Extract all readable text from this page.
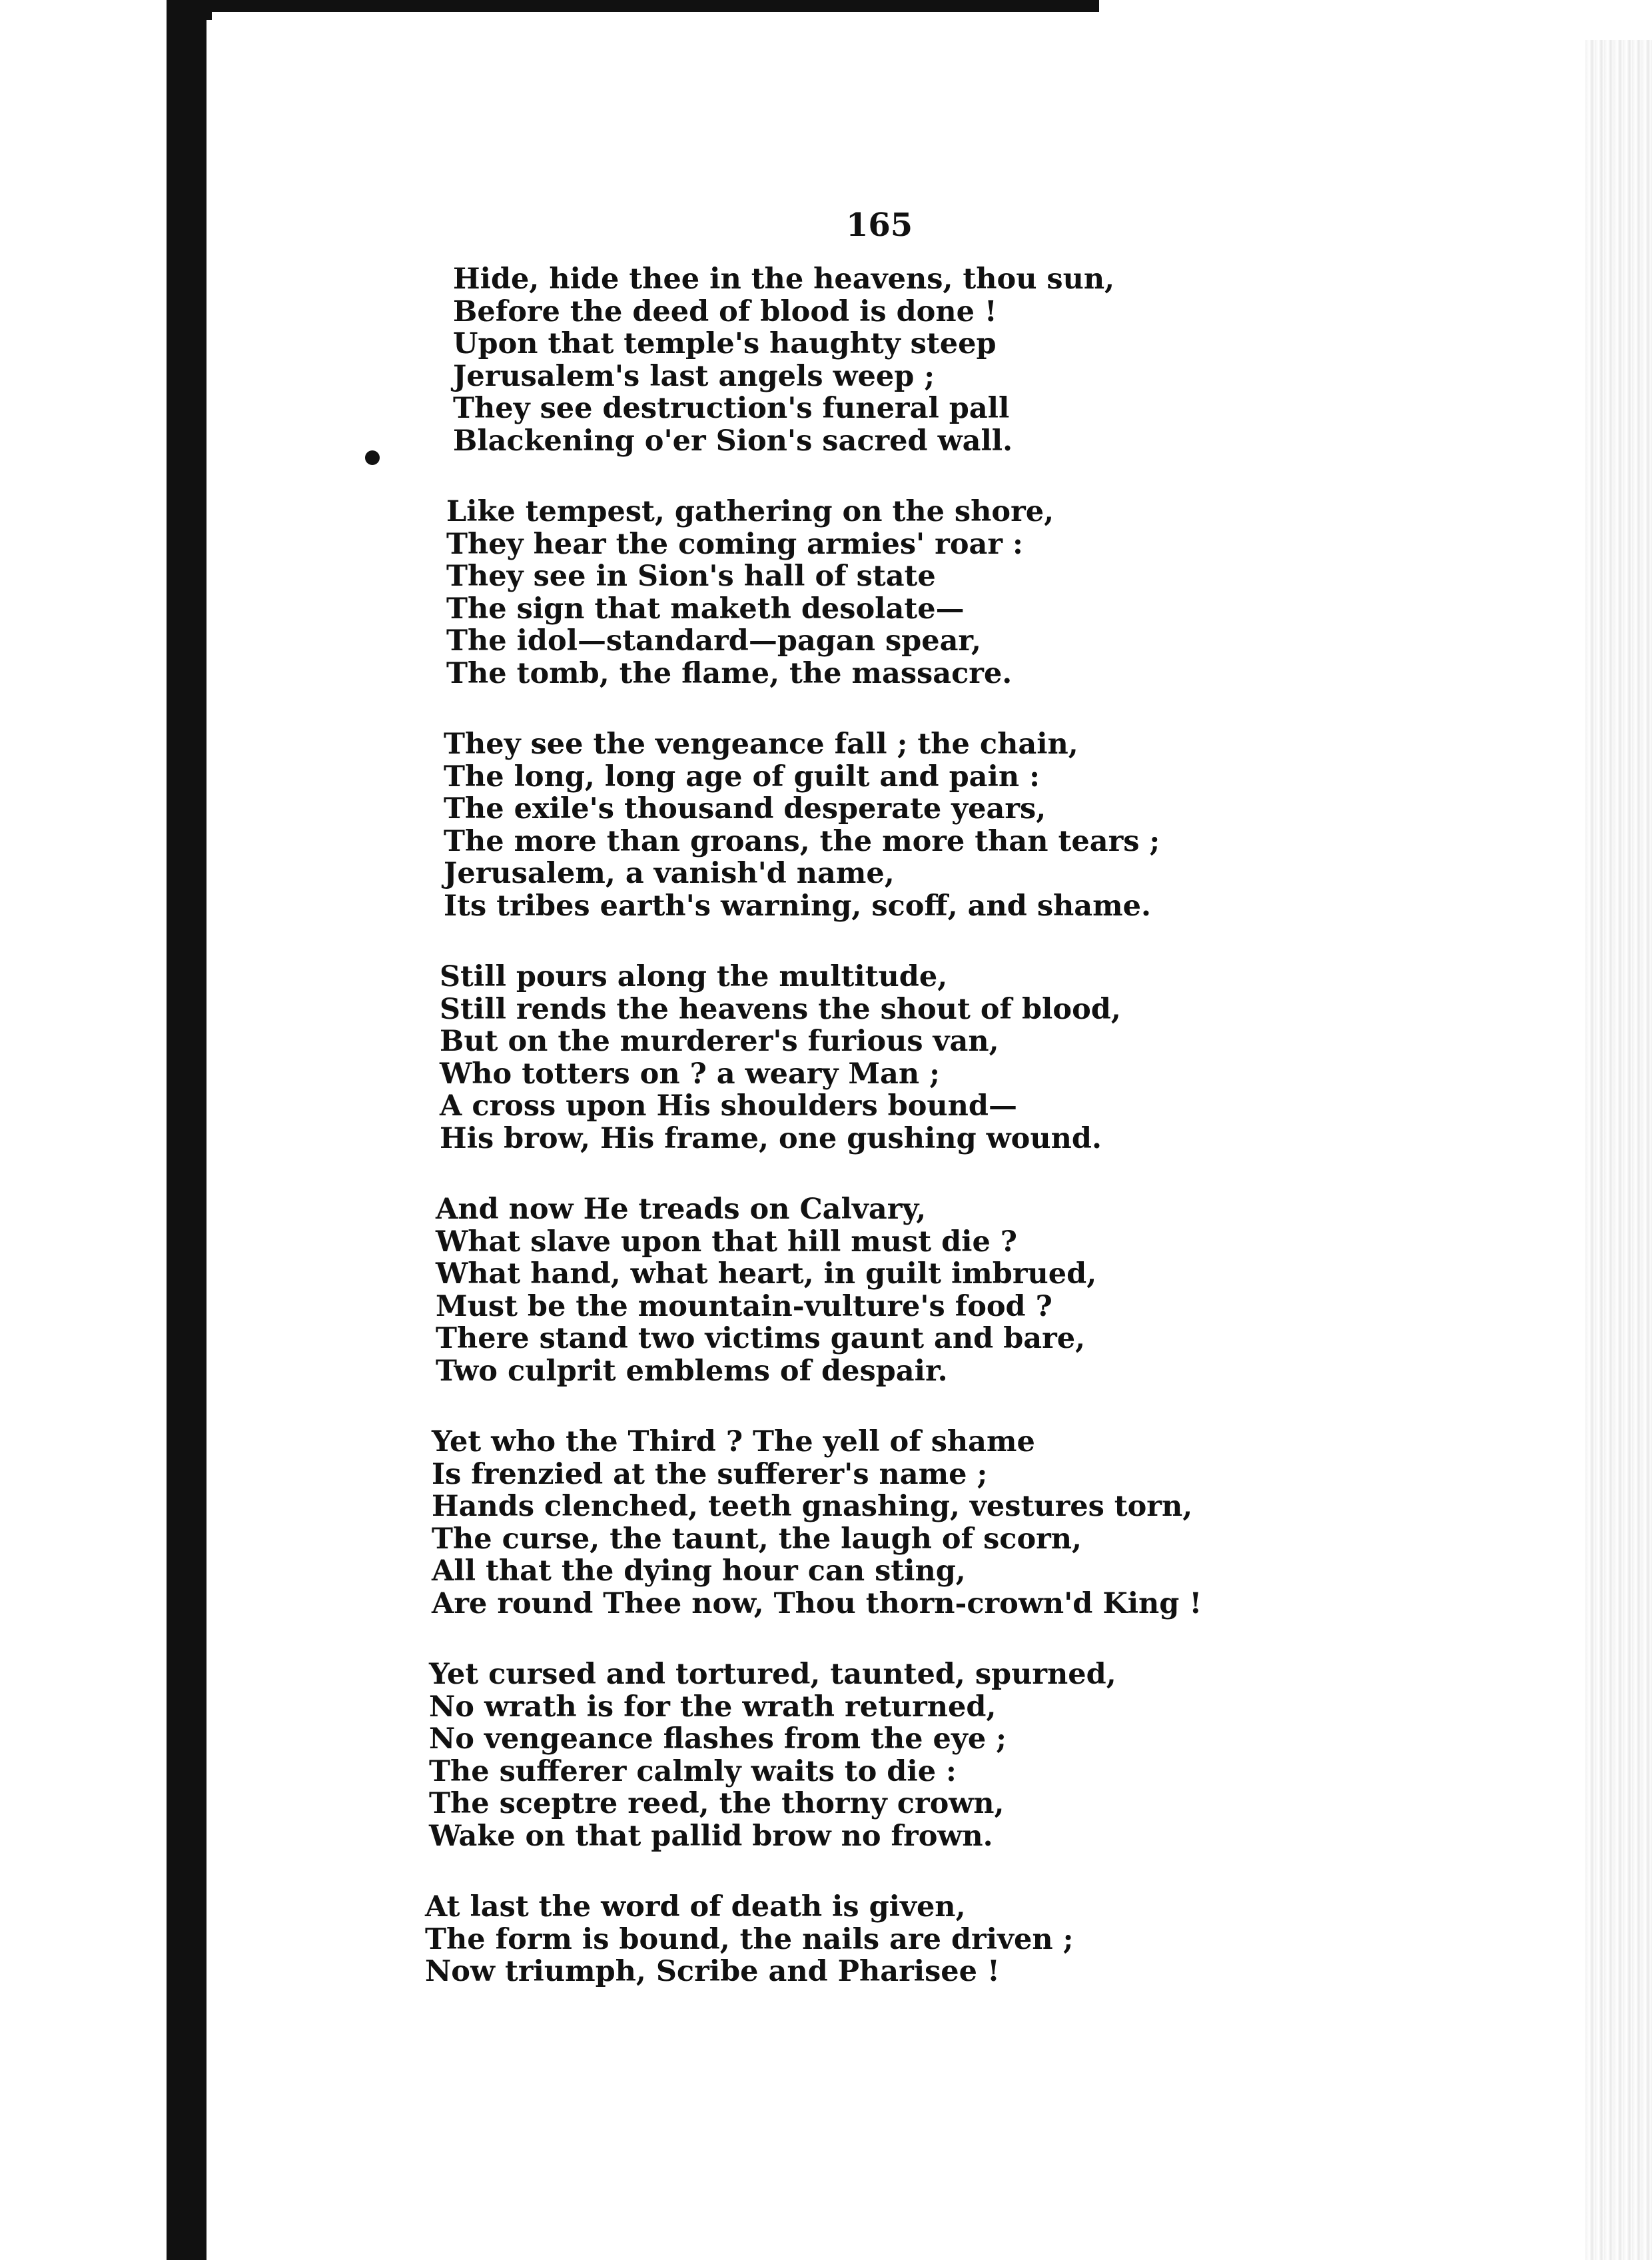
165
Hide, hide thee in the heavens, thou sun,
Before the deed of blood is done !
Upon that temple's haughty steep
Jerusalem's last angels weep ;
They see destruction's funeral pall
Blackening o'er Sion's sacred wall.
Like tempest, gathering on the shore,
They hear the coming armies' roar :
They see in Sion's hall of state
The sign that maketh desolate—
The idol—standard—pagan spear,
The tomb, the flame, the massacre.
They see the vengeance fall ; the chain,
The long, long age of guilt and pain :
The exile's thousand desperate years,
The more than groans, the more than tears ;
Jerusalem, a vanish'd name,
Its tribes earth's warning, scoff, and shame.
Still pours along the multitude,
Still rends the heavens the shout of blood,
But on the murderer's furious van,
Who totters on ? a weary Man ;
A cross upon His shoulders bound—
His brow, His frame, one gushing wound.
And now He treads on Calvary,
What slave upon that hill must die ?
What hand, what heart, in guilt imbrued,
Must be the mountain-vulture's food ?
There stand two victims gaunt and bare,
Two culprit emblems of despair.
Yet who the Third ? The yell of shame
Is frenzied at the sufferer's name ;
Hands clenched, teeth gnashing, vestures torn,
The curse, the taunt, the laugh of scorn,
All that the dying hour can sting,
Are round Thee now, Thou thorn-crown'd King !
Yet cursed and tortured, taunted, spurned,
No wrath is for the wrath returned,
No vengeance flashes from the eye ;
The sufferer calmly waits to die :
The sceptre reed, the thorny crown,
Wake on that pallid brow no frown.
At last the word of death is given,
The form is bound, the nails are driven ;
Now triumph, Scribe and Pharisee !
